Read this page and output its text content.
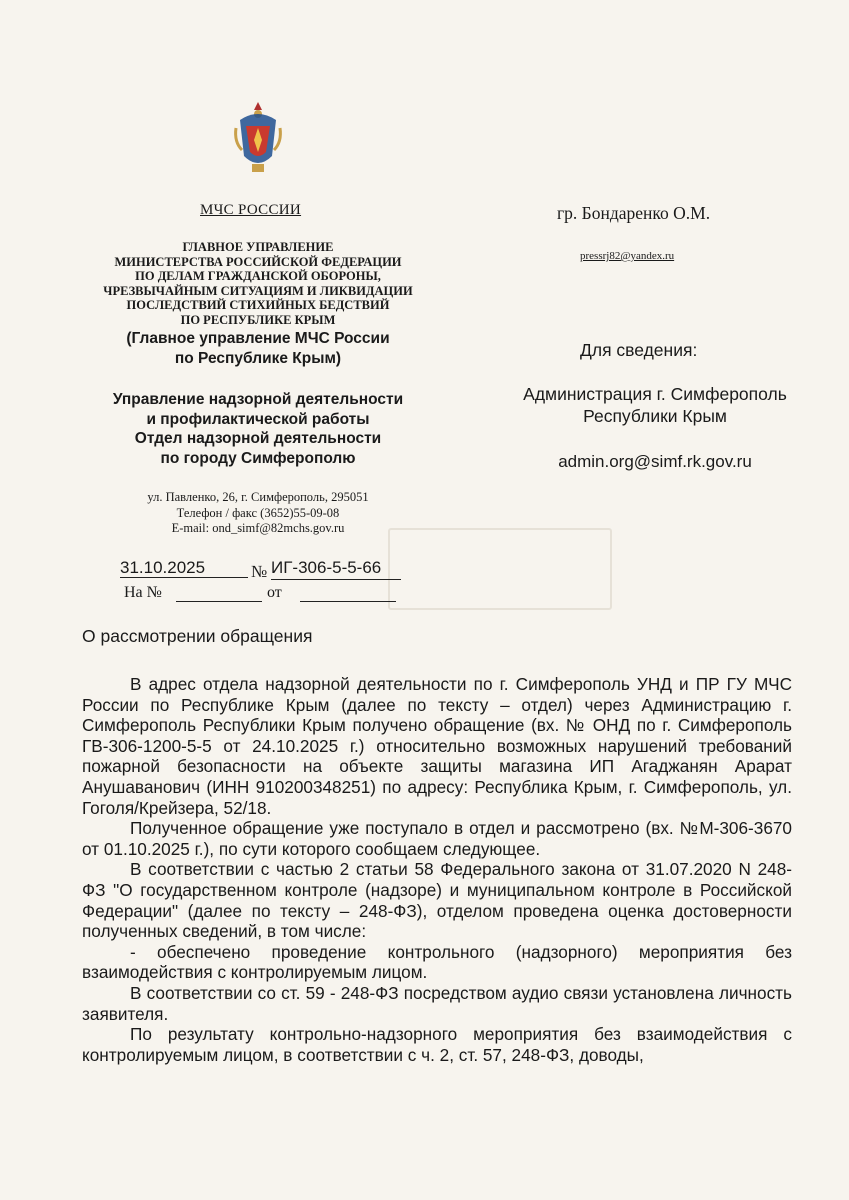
МЧС РОССИИ
ГЛАВНОЕ УПРАВЛЕНИЕ
МИНИСТЕРСТВА РОССИЙСКОЙ ФЕДЕРАЦИИ
ПО ДЕЛАМ ГРАЖДАНСКОЙ ОБОРОНЫ,
ЧРЕЗВЫЧАЙНЫМ СИТУАЦИЯМ И ЛИКВИДАЦИИ
ПОСЛЕДСТВИЙ СТИХИЙНЫХ БЕДСТВИЙ
ПО РЕСПУБЛИКЕ КРЫМ
(Главное управление МЧС России
по Республике Крым)
Управление надзорной деятельности
и профилактической работы
Отдел надзорной деятельности
по городу Симферополю
ул. Павленко, 26, г. Симферополь, 295051
Телефон / факс (3652)55-09-08
E-mail: ond_simf@82mchs.gov.ru
31.10.2025	№ ИГ-306-5-5-66
На №	от
гр. Бондаренко О.М.
pressrj82@yandex.ru
Для сведения:
Администрация г. Симферополь
Республики Крым
admin.org@simf.rk.gov.ru
О рассмотрении обращения

В адрес отдела надзорной деятельности по г. Симферополь УНД и ПР ГУ МЧС России по Республике Крым (далее по тексту – отдел) через Администрацию г. Симферополь Республики Крым получено обращение (вх. № ОНД по г. Симферополь ГВ-306-1200-5-5 от 24.10.2025 г.) относительно возможных нарушений требований пожарной безопасности на объекте защиты магазина ИП Агаджанян Арарат Анушаванович (ИНН 910200348251) по адресу: Республика Крым, г. Симферополь, ул. Гоголя/Крейзера, 52/18.

Полученное обращение уже поступало в отдел и рассмотрено (вх. №М-306-3670 от 01.10.2025 г.), по сути которого сообщаем следующее.

В соответствии с частью 2 статьи 58 Федерального закона от 31.07.2020 N 248-ФЗ "О государственном контроле (надзоре) и муниципальном контроле в Российской Федерации" (далее по тексту – 248-ФЗ), отделом проведена оценка достоверности полученных сведений, в том числе:

- обеспечено проведение контрольного (надзорного) мероприятия без взаимодействия с контролируемым лицом.

В соответствии со ст. 59 - 248-ФЗ посредством аудио связи установлена личность заявителя.

По результату контрольно-надзорного мероприятия без взаимодействия с контролируемым лицом, в соответствии с ч. 2, ст. 57, 248-ФЗ, доводы,
